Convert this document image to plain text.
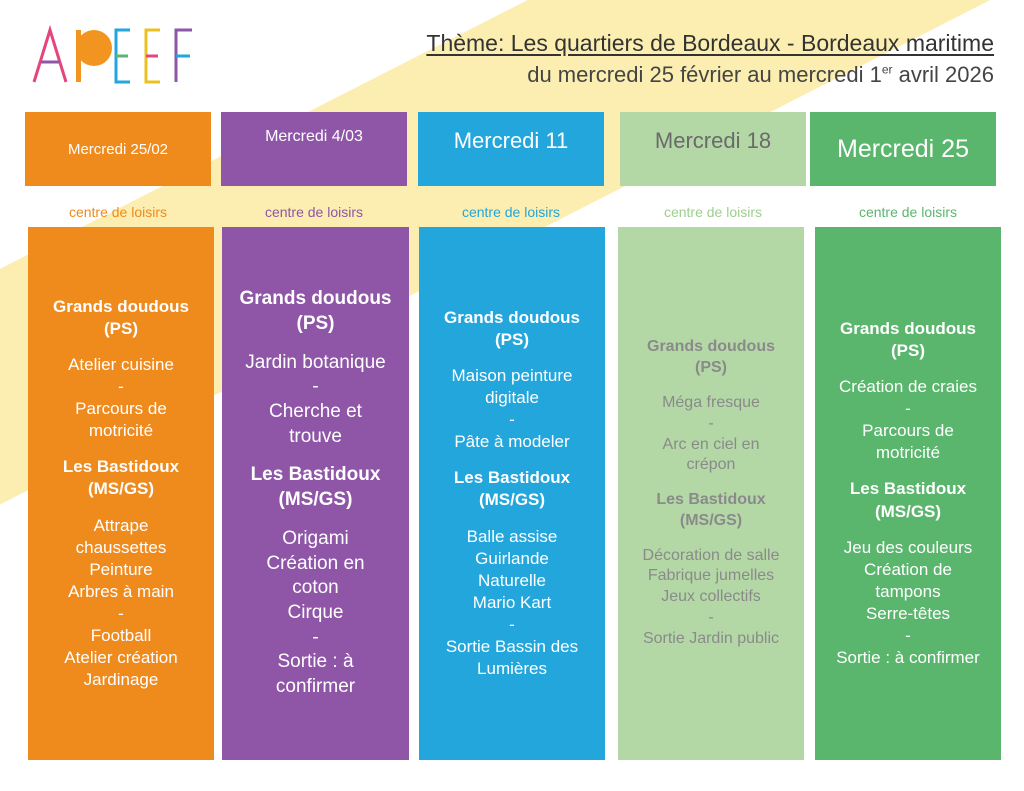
Thème: Les quartiers de Bordeaux - Bordeaux maritime
du mercredi 25 février au mercredi 1er avril 2026
Mercredi 25/02
centre de loisirs
Grands doudous
(PS)
Atelier cuisine
-
Parcours de
motricité
Les Bastidoux
(MS/GS)
Attrape
chaussettes
Peinture
Arbres à main
-
Football
Atelier création
Jardinage
Mercredi 4/03
centre de loisirs
Grands doudous
(PS)
Jardin botanique
-
Cherche et
trouve
Les Bastidoux
(MS/GS)
Origami
Création en
coton
Cirque
-
Sortie : à
confirmer
Mercredi 11
centre de loisirs
Grands doudous
(PS)
Maison peinture
digitale
-
Pâte à modeler
Les Bastidoux
(MS/GS)
Balle assise
Guirlande
Naturelle
Mario Kart
-
Sortie Bassin des
Lumières
Mercredi 18
centre de loisirs
Grands doudous
(PS)
Méga fresque
-
Arc en ciel en
crépon
Les Bastidoux
(MS/GS)
Décoration de salle
Fabrique jumelles
Jeux collectifs
-
Sortie Jardin public
Mercredi 25
centre de loisirs
Grands doudous
(PS)
Création de craies
-
Parcours de
motricité
Les Bastidoux
(MS/GS)
Jeu des couleurs
Création de
tampons
Serre-têtes
-
Sortie : à confirmer
